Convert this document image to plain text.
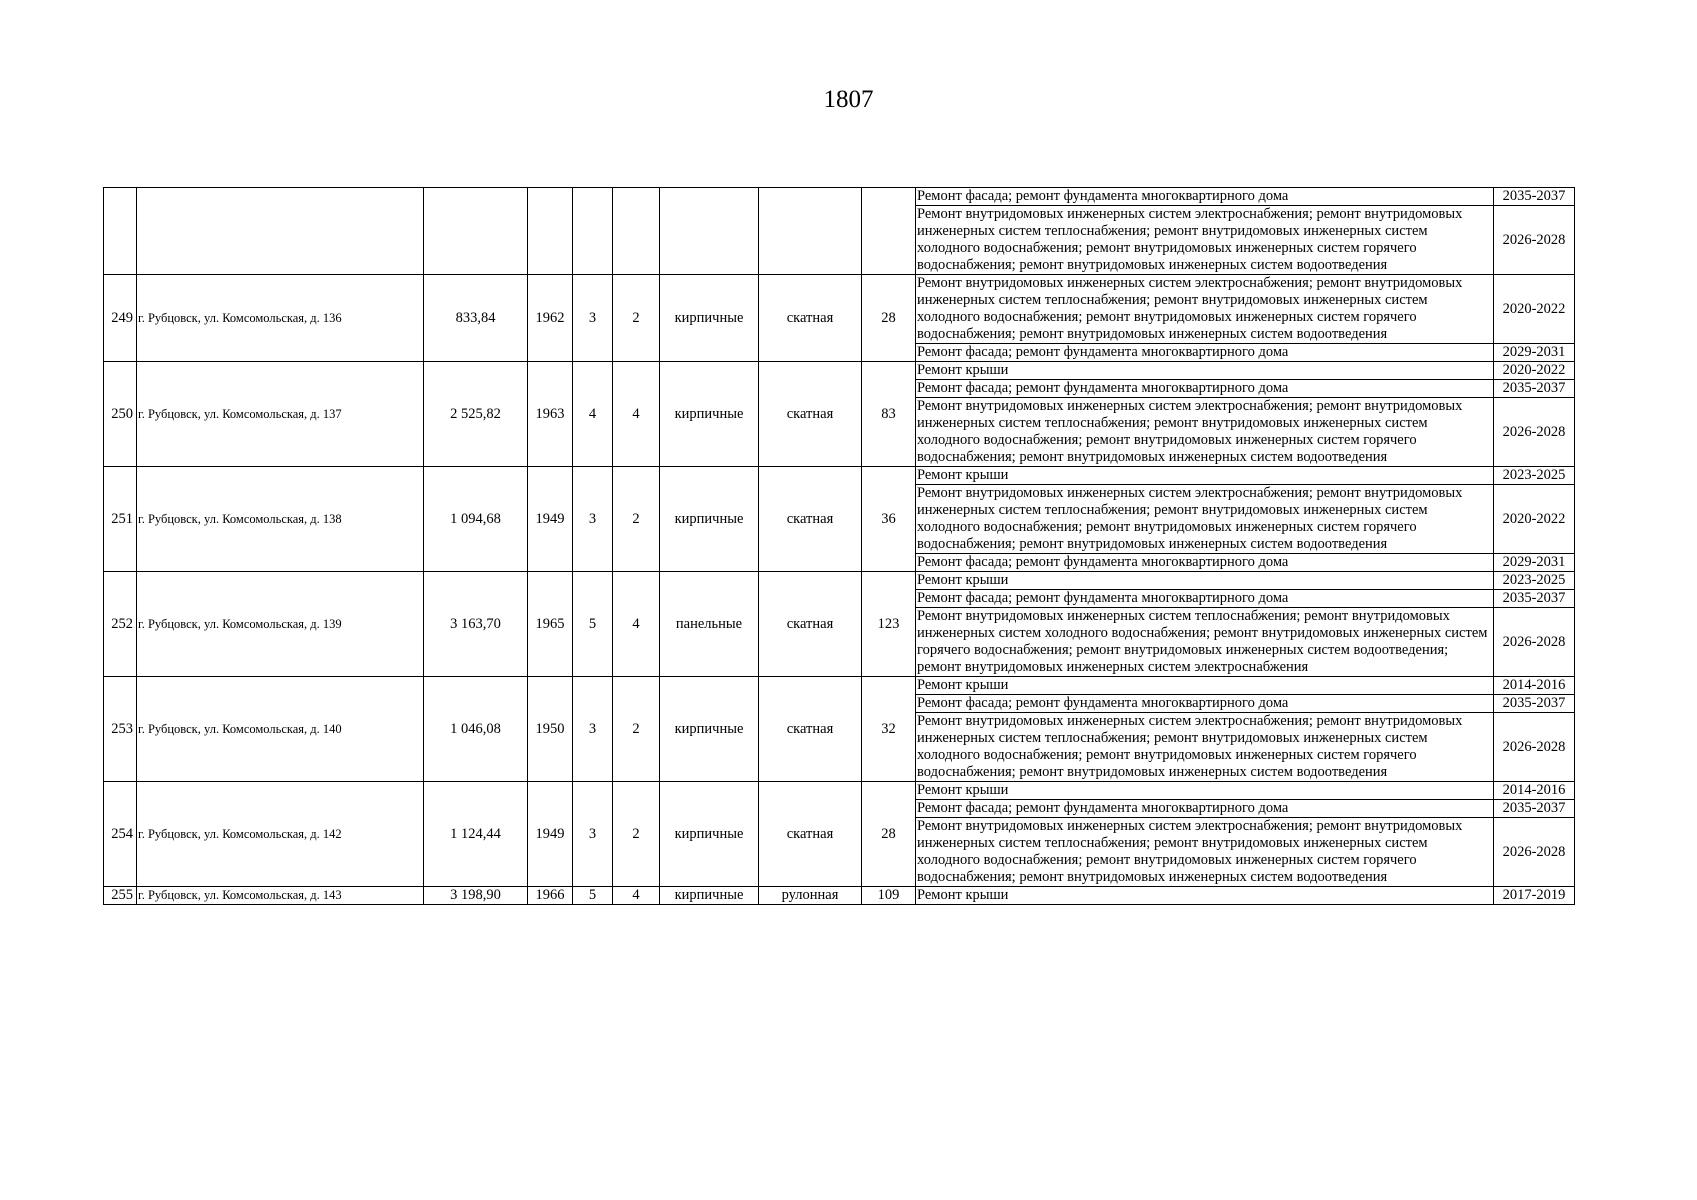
1807
									Ремонт фасада; ремонт фундамента многоквартирного дома	2035-2037
									Ремонт внутридомовых инженерных систем электроснабжения; ремонт внутридомовых инженерных систем теплоснабжения; ремонт внутридомовых инженерных систем холодного водоснабжения; ремонт внутридомовых инженерных систем горячего водоснабжения; ремонт внутридомовых инженерных систем водоотведения	2026-2028
249	г. Рубцовск, ул. Комсомольская, д. 136	833,84	1962	3	2	кирпичные	скатная	28	Ремонт внутридомовых инженерных систем электроснабжения; ремонт внутридомовых инженерных систем теплоснабжения; ремонт внутридомовых инженерных систем холодного водоснабжения; ремонт внутридомовых инженерных систем горячего водоснабжения; ремонт внутридомовых инженерных систем водоотведения	2020-2022
									Ремонт фасада; ремонт фундамента многоквартирного дома	2029-2031
250	г. Рубцовск, ул. Комсомольская, д. 137	2 525,82	1963	4	4	кирпичные	скатная	83	Ремонт крыши	2020-2022
									Ремонт фасада; ремонт фундамента многоквартирного дома	2035-2037
									Ремонт внутридомовых инженерных систем электроснабжения; ремонт внутридомовых инженерных систем теплоснабжения; ремонт внутридомовых инженерных систем холодного водоснабжения; ремонт внутридомовых инженерных систем горячего водоснабжения; ремонт внутридомовых инженерных систем водоотведения	2026-2028
251	г. Рубцовск, ул. Комсомольская, д. 138	1 094,68	1949	3	2	кирпичные	скатная	36	Ремонт крыши	2023-2025
									Ремонт внутридомовых инженерных систем электроснабжения; ремонт внутридомовых инженерных систем теплоснабжения; ремонт внутридомовых инженерных систем холодного водоснабжения; ремонт внутридомовых инженерных систем горячего водоснабжения; ремонт внутридомовых инженерных систем водоотведения	2020-2022
									Ремонт фасада; ремонт фундамента многоквартирного дома	2029-2031
252	г. Рубцовск, ул. Комсомольская, д. 139	3 163,70	1965	5	4	панельные	скатная	123	Ремонт крыши	2023-2025
									Ремонт фасада; ремонт фундамента многоквартирного дома	2035-2037
									Ремонт внутридомовых инженерных систем теплоснабжения; ремонт внутридомовых инженерных систем холодного водоснабжения; ремонт внутридомовых инженерных систем горячего водоснабжения; ремонт внутридомовых инженерных систем водоотведения; ремонт внутридомовых инженерных систем электроснабжения	2026-2028
253	г. Рубцовск, ул. Комсомольская, д. 140	1 046,08	1950	3	2	кирпичные	скатная	32	Ремонт крыши	2014-2016
									Ремонт фасада; ремонт фундамента многоквартирного дома	2035-2037
									Ремонт внутридомовых инженерных систем электроснабжения; ремонт внутридомовых инженерных систем теплоснабжения; ремонт внутридомовых инженерных систем холодного водоснабжения; ремонт внутридомовых инженерных систем горячего водоснабжения; ремонт внутридомовых инженерных систем водоотведения	2026-2028
254	г. Рубцовск, ул. Комсомольская, д. 142	1 124,44	1949	3	2	кирпичные	скатная	28	Ремонт крыши	2014-2016
									Ремонт фасада; ремонт фундамента многоквартирного дома	2035-2037
									Ремонт внутридомовых инженерных систем электроснабжения; ремонт внутридомовых инженерных систем теплоснабжения; ремонт внутридомовых инженерных систем холодного водоснабжения; ремонт внутридомовых инженерных систем горячего водоснабжения; ремонт внутридомовых инженерных систем водоотведения	2026-2028
255	г. Рубцовск, ул. Комсомольская, д. 143	3 198,90	1966	5	4	кирпичные	рулонная	109	Ремонт крыши	2017-2019
